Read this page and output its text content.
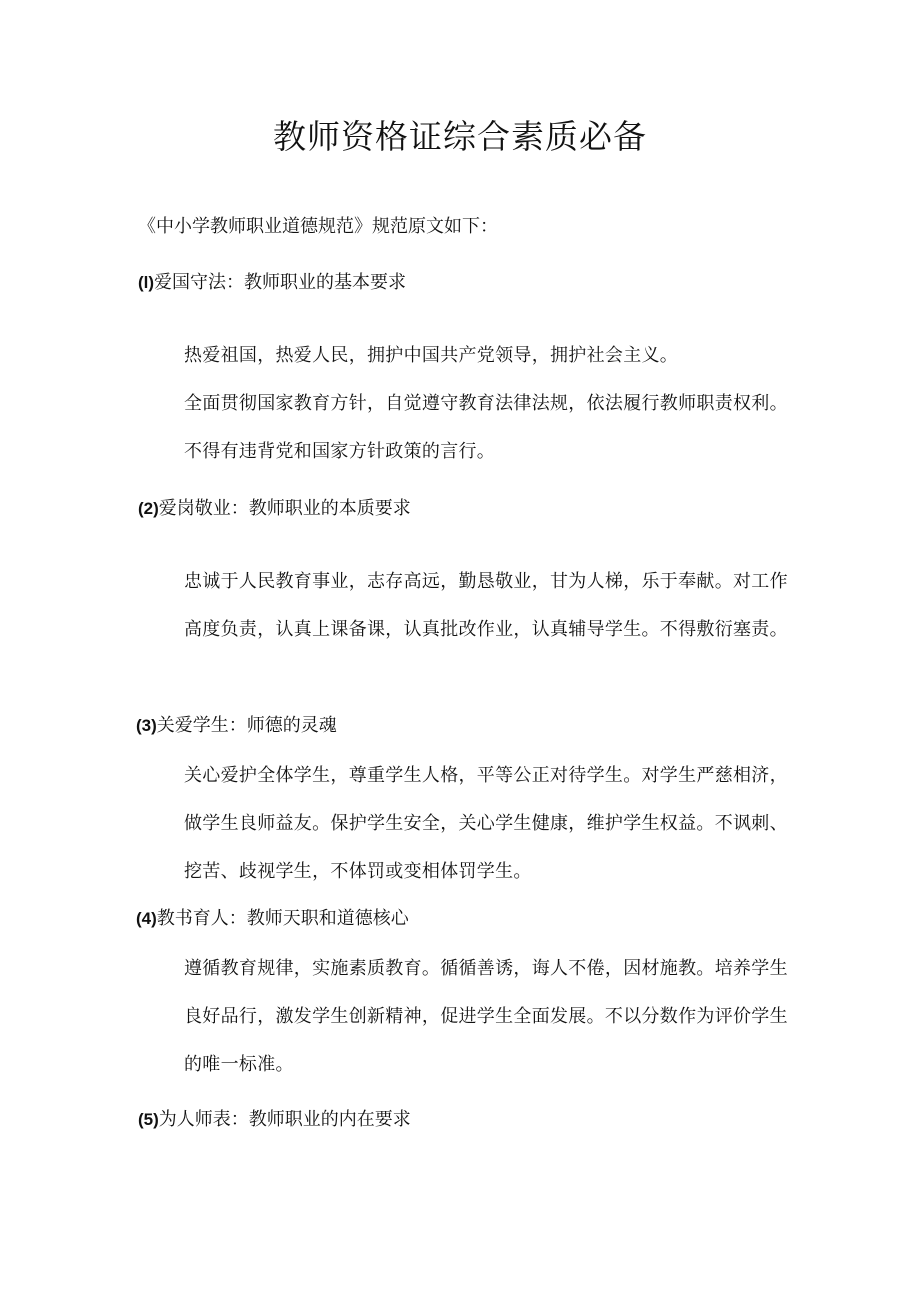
教师资格证综合素质必备

《中小学教师职业道德规范》规范原文如下：

(l)爱国守法：教师职业的基本要求

热爱祖国，热爱人民，拥护中国共产党领导，拥护社会主义。

全面贯彻国家教育方针，自觉遵守教育法律法规，依法履行教师职责权利。不得有违背党和国家方针政策的言行。

(2)爱岗敬业：教师职业的本质要求

忠诚于人民教育事业，志存高远，勤恳敬业，甘为人梯，乐于奉献。对工作高度负责，认真上课备课，认真批改作业，认真辅导学生。不得敷衍塞责。

(3)关爱学生：师德的灵魂

关心爱护全体学生，尊重学生人格，平等公正对待学生。对学生严慈相济，做学生良师益友。保护学生安全，关心学生健康，维护学生权益。不讽刺、挖苦、歧视学生，不体罚或变相体罚学生。

(4)教书育人：教师天职和道德核心

遵循教育规律，实施素质教育。循循善诱，诲人不倦，因材施教。培养学生良好品行，激发学生创新精神，促进学生全面发展。不以分数作为评价学生的唯一标准。

(5)为人师表：教师职业的内在要求
